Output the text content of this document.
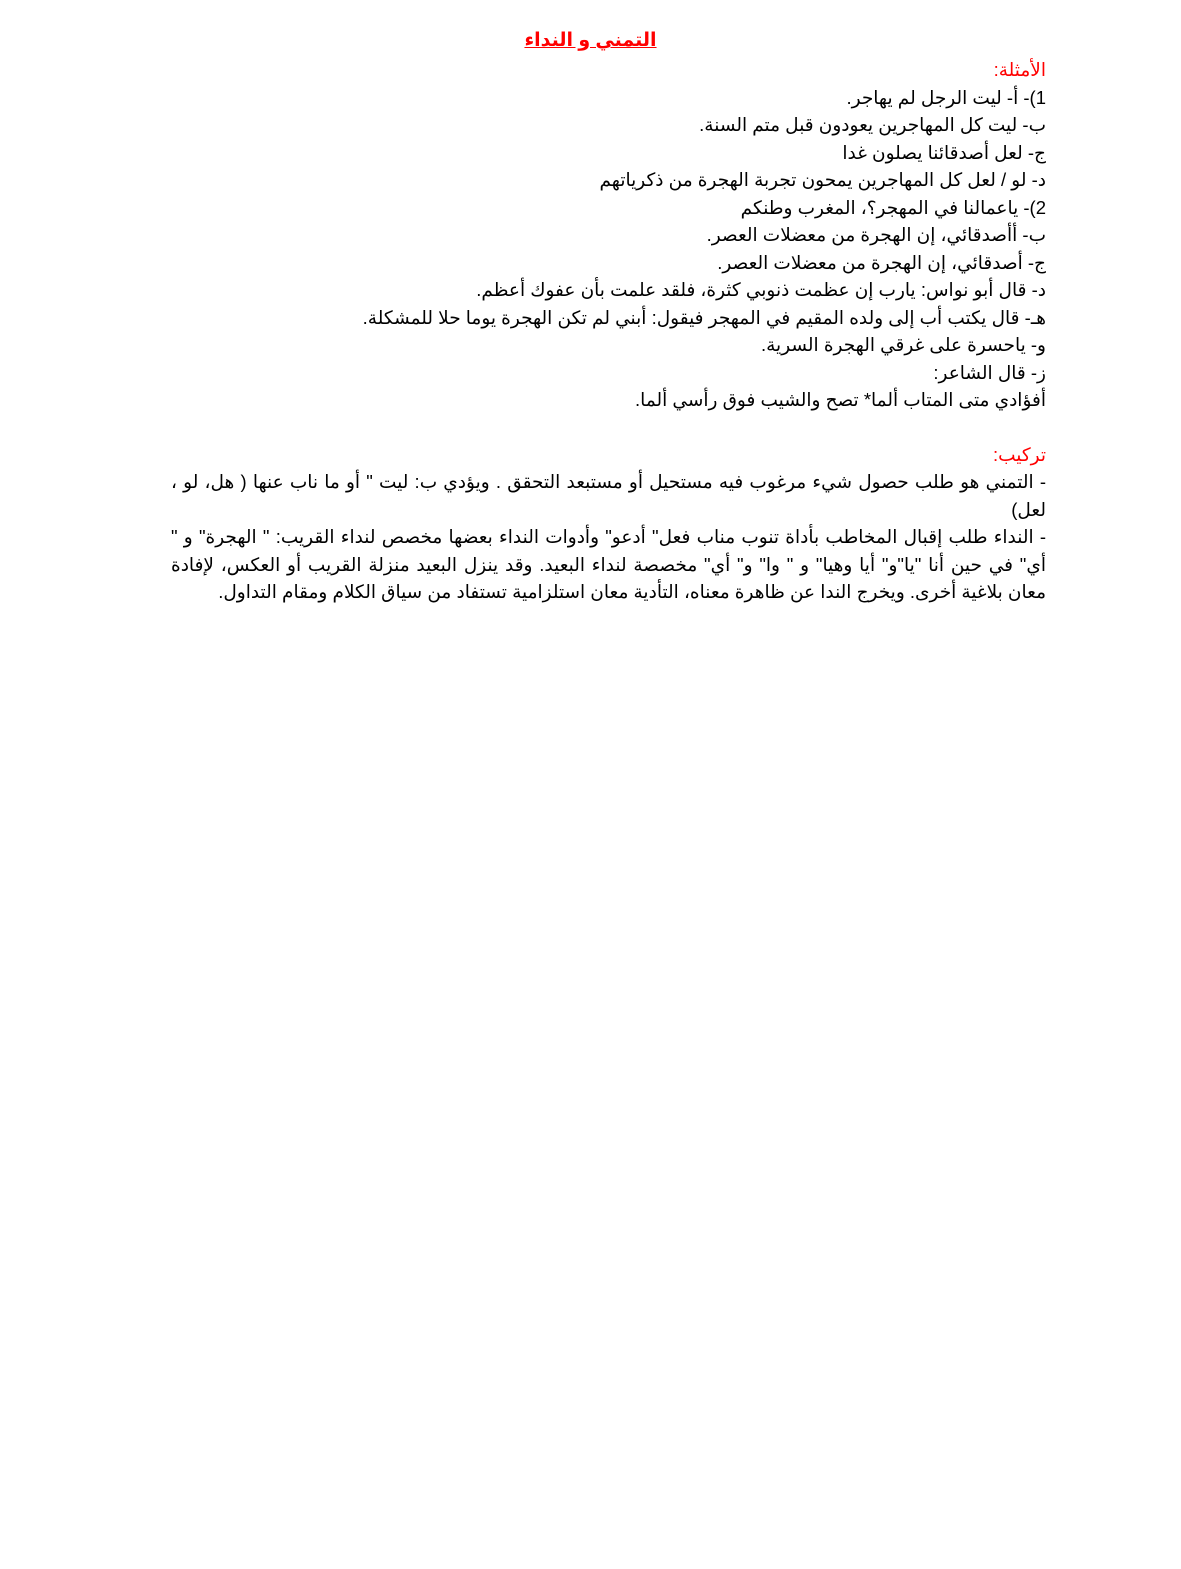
التمني و النداء

الأمثلة:

1)- أ- ليت الرجل لم يهاجر.

ب- ليت كل المهاجرين يعودون قبل متم السنة.

ج- لعل أصدقائنا يصلون غدا

د- لو / لعل كل المهاجرين يمحون تجربة الهجرة من ذكرياتهم

2)- ياعمالنا في المهجر؟، المغرب وطنكم

ب- أأصدقائي، إن الهجرة من معضلات العصر.

ج- أصدقائي، إن الهجرة من معضلات العصر.

د- قال أبو نواس: يارب إن عظمت ذنوبي كثرة، فلقد علمت بأن عفوك أعظم.

هـ- قال يكتب أب إلى ولده المقيم في المهجر فيقول: أبني لم تكن الهجرة يوما حلا للمشكلة.

و- ياحسرة على غرقي الهجرة السرية.

ز- قال الشاعر:

أفؤادي متى المتاب ألما* تصح والشيب فوق رأسي ألما.

تركيب:

- التمني هو طلب حصول شيء مرغوب فيه مستحيل أو مستبعد التحقق . ويؤدي ب: ليت " أو ما ناب عنها ( هل، لو ، لعل)

- النداء طلب إقبال المخاطب بأداة تنوب مناب فعل" أدعو" وأدوات النداء بعضها مخصص لنداء القريب: " الهجرة" و " أي" في حين أنا "يا"و" أيا وهيا" و " وا" و" أي" مخصصة لنداء البعيد. وقد ينزل البعيد منزلة القريب أو العكس، لإفادة معان بلاغية أخرى. ويخرج الندا عن ظاهرة معناه، التأدية معان استلزامية تستفاد من سياق الكلام ومقام التداول.
